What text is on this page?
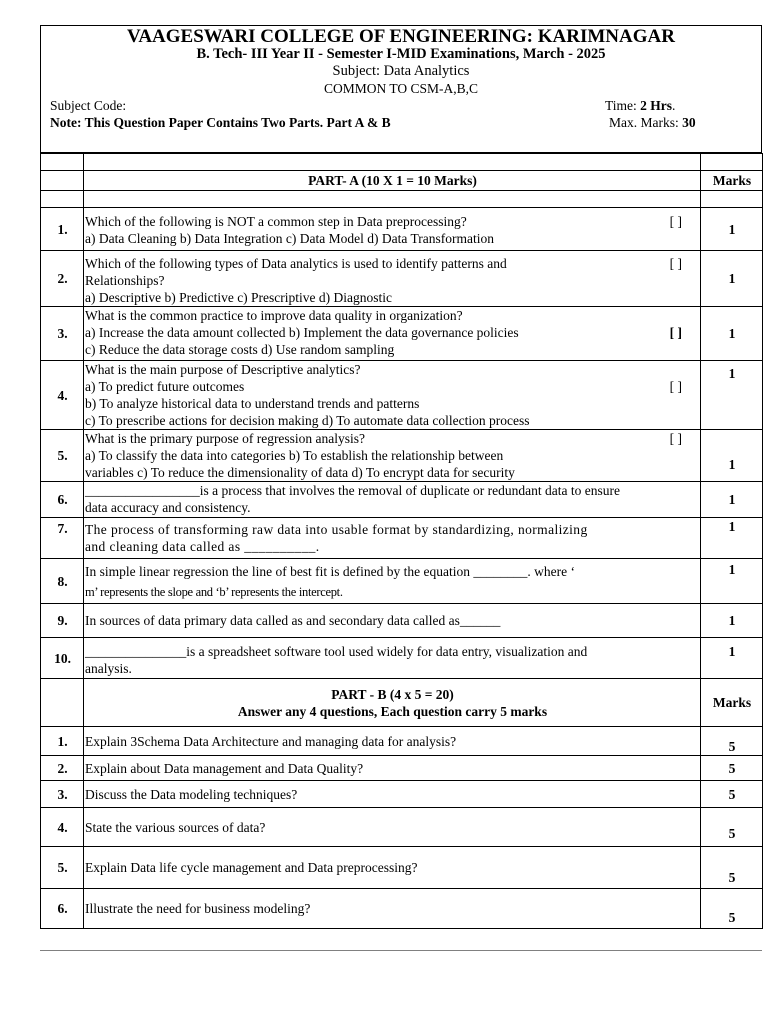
VAAGESWARI COLLEGE OF ENGINEERING: KARIMNAGAR
B. Tech- III Year II - Semester I-MID Examinations, March - 2025
Subject: Data Analytics
COMMON TO CSM-A,B,C
Subject Code:	Time: 2 Hrs.
Note: This Question Paper Contains Two Parts. Part A & B	Max. Marks: 30

	PART- A (10 X 1 = 10 Marks)	Marks

1.	Which of the following is NOT a common step in Data preprocessing? [ ]
a) Data Cleaning b) Data Integration c) Data Model d) Data Transformation	1
2.	Which of the following types of Data analytics is used to identify patterns and [ ]
Relationships?
a) Descriptive b) Predictive c) Prescriptive d) Diagnostic	1
3.	What is the common practice to improve data quality in organization?
a) Increase the data amount collected b) Implement the data governance policies [ ]
c) Reduce the data storage costs d) Use random sampling	1
4.	What is the main purpose of Descriptive analytics?
a) To predict future outcomes [ ]
b) To analyze historical data to understand trends and patterns
c) To prescribe actions for decision making d) To automate data collection process	1
5.	What is the primary purpose of regression analysis? [ ]
a) To classify the data into categories b) To establish the relationship between
variables c) To reduce the dimensionality of data d) To encrypt data for security	1
6.	_________________is a process that involves the removal of duplicate or redundant data to ensure
data accuracy and consistency.	1
7.	The process of transforming raw data into usable format by standardizing, normalizing
and cleaning data called as __________.	1
8.	In simple linear regression the line of best fit is defined by the equation ________. where ‘
m’ represents the slope and ‘b’ represents the intercept.	1
9.	In sources of data primary data called as and secondary data called as______	1
10.	_______________is a spreadsheet software tool used widely for data entry, visualization and
analysis.	1

	PART - B (4 x 5 = 20)
Answer any 4 questions, Each question carry 5 marks	Marks
1.	Explain 3Schema Data Architecture and managing data for analysis?	5
2.	Explain about Data management and Data Quality?	5
3.	Discuss the Data modeling techniques?	5
4.	State the various sources of data?	5
5.	Explain Data life cycle management and Data preprocessing?	5
6.	Illustrate the need for business modeling?	5
